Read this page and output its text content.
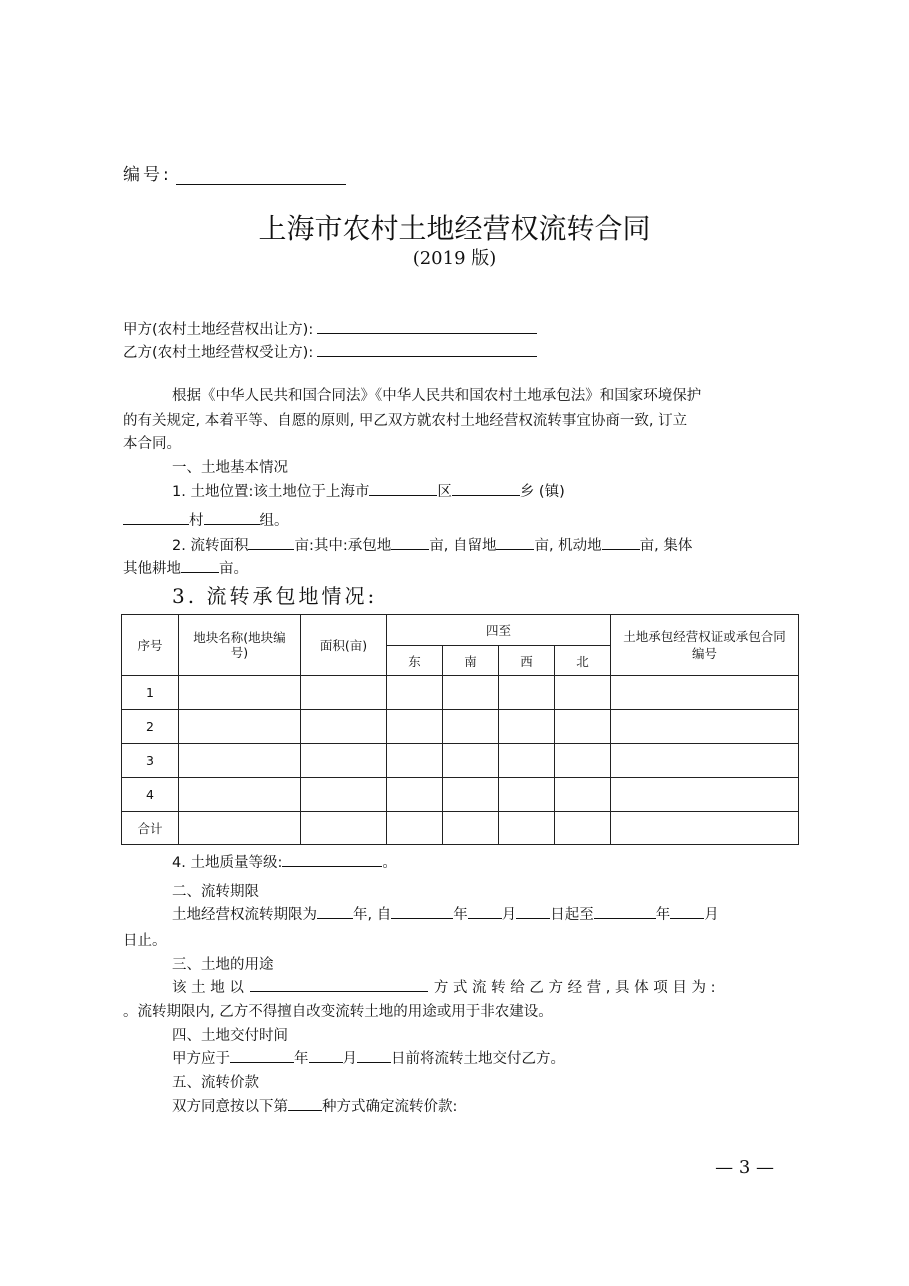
编号:
上海市农村土地经营权流转合同
(2019 版)
甲方(农村土地经营权出让方):
乙方(农村土地经营权受让方):
根据《中华人民共和国合同法》《中华人民共和国农村土地承包法》和国家环境保护
的有关规定, 本着平等、自愿的原则, 甲乙双方就农村土地经营权流转事宜协商一致, 订立
本合同。
一、土地基本情况
1. 土地位置:该土地位于上海市	区	乡 (镇)
村	组。
2. 流转面积	亩:其中:承包地	亩, 自留地	亩, 机动地	亩, 集体
其他耕地	亩。
3. 流转承包地情况:
序号	地块名称(地块编号)	面积(亩)	四至				土地承包经营权证或承包合同编号
			东	南	西	北	
1							
2							
3							
4							
合计							
4. 土地质量等级:	。
二、流转期限
土地经营权流转期限为 年, 自	年 月 日起至	年 月
日止。
三、土地的用途
该 土 地 以	方 式 流 转 给 乙 方 经 营 , 具 体 项 目 为 :
。流转期限内, 乙方不得擅自改变流转土地的用途或用于非农建设。
四、土地交付时间
甲方应于	年 月 日前将流转土地交付乙方。
五、流转价款
双方同意按以下第 种方式确定流转价款:
— 3 —
